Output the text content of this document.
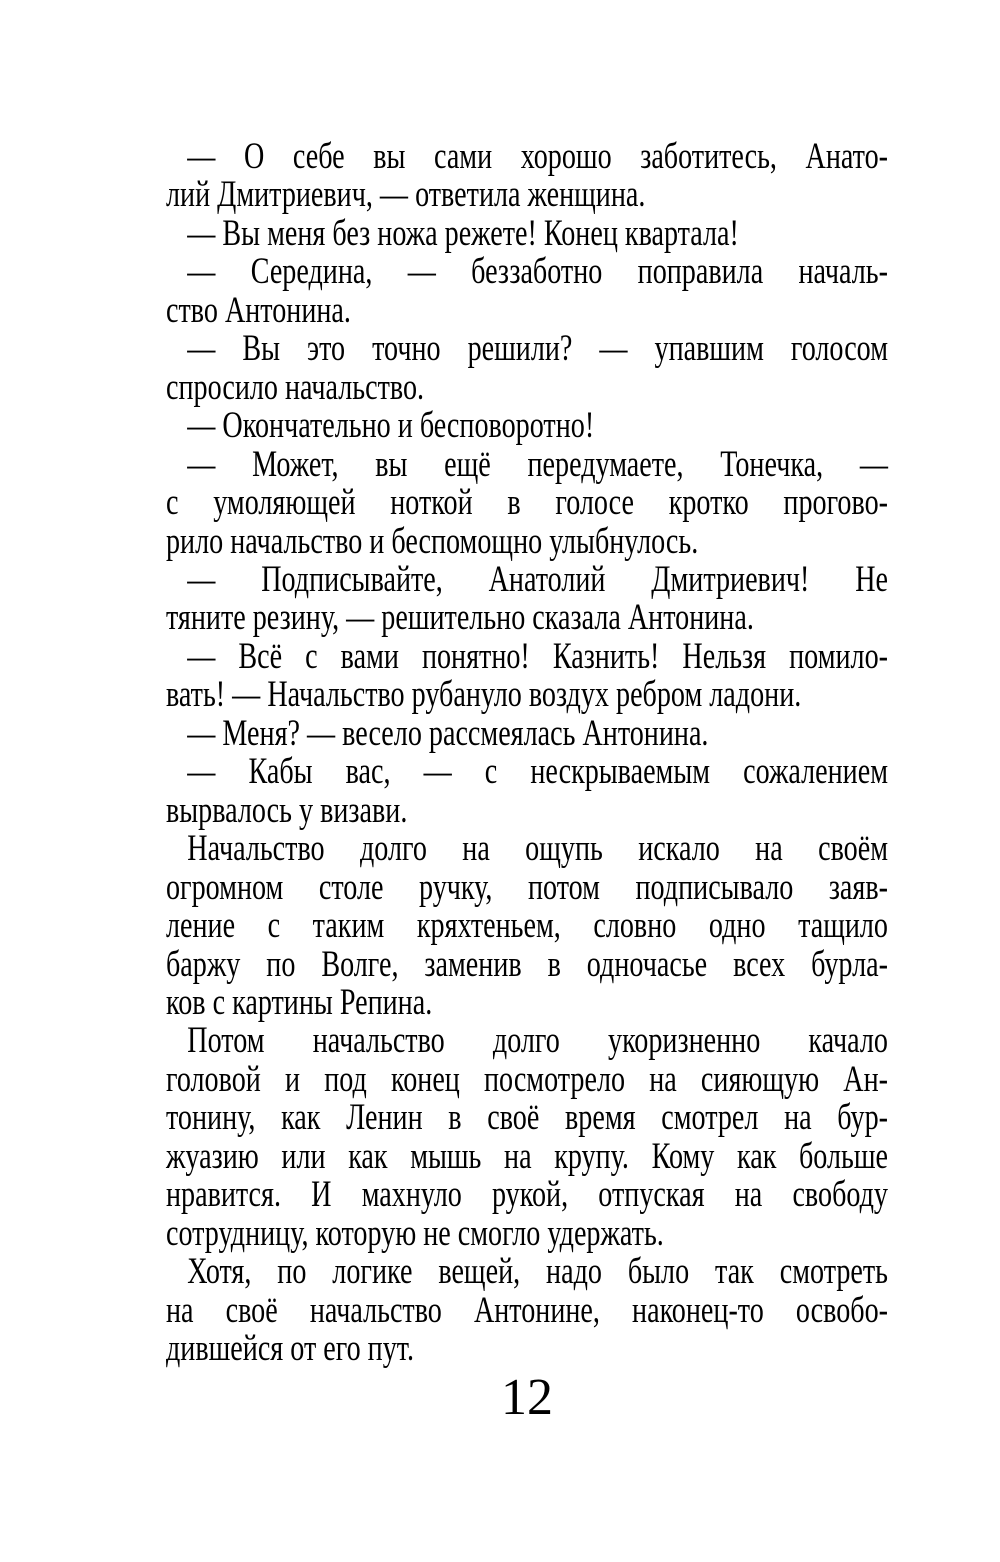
— О себе вы сами хорошо заботитесь, Анато-
лий Дмитриевич, — ответила женщина.
— Вы меня без ножа режете! Конец квартала!
— Середина, — беззаботно поправила началь-
ство Антонина.
— Вы это точно решили? — упавшим голосом
спросило начальство.
— Окончательно и бесповоротно!
— Может, вы ещё передумаете, Тонечка, —
с умоляющей ноткой в голосе кротко прогово-
рило начальство и беспомощно улыбнулось.
— Подписывайте, Анатолий Дмитриевич! Не
тяните резину, — решительно сказала Антонина.
— Всё с вами понятно! Казнить! Нельзя помило-
вать! — Начальство рубануло воздух ребром ладони.
— Меня? — весело рассмеялась Антонина.
— Кабы вас, — с нескрываемым сожалением
вырвалось у визави.
Начальство долго на ощупь искало на своём
огромном столе ручку, потом подписывало заяв-
ление с таким кряхтеньем, словно одно тащило
баржу по Волге, заменив в одночасье всех бурла-
ков с картины Репина.
Потом начальство долго укоризненно качало
головой и под конец посмотрело на сияющую Ан-
тонину, как Ленин в своё время смотрел на бур-
жуазию или как мышь на крупу. Кому как больше
нравится. И махнуло рукой, отпуская на свободу
сотрудницу, которую не смогло удержать.
Хотя, по логике вещей, надо было так смотреть
на своё начальство Антонине, наконец-то освобо-
дившейся от его пут.
12
